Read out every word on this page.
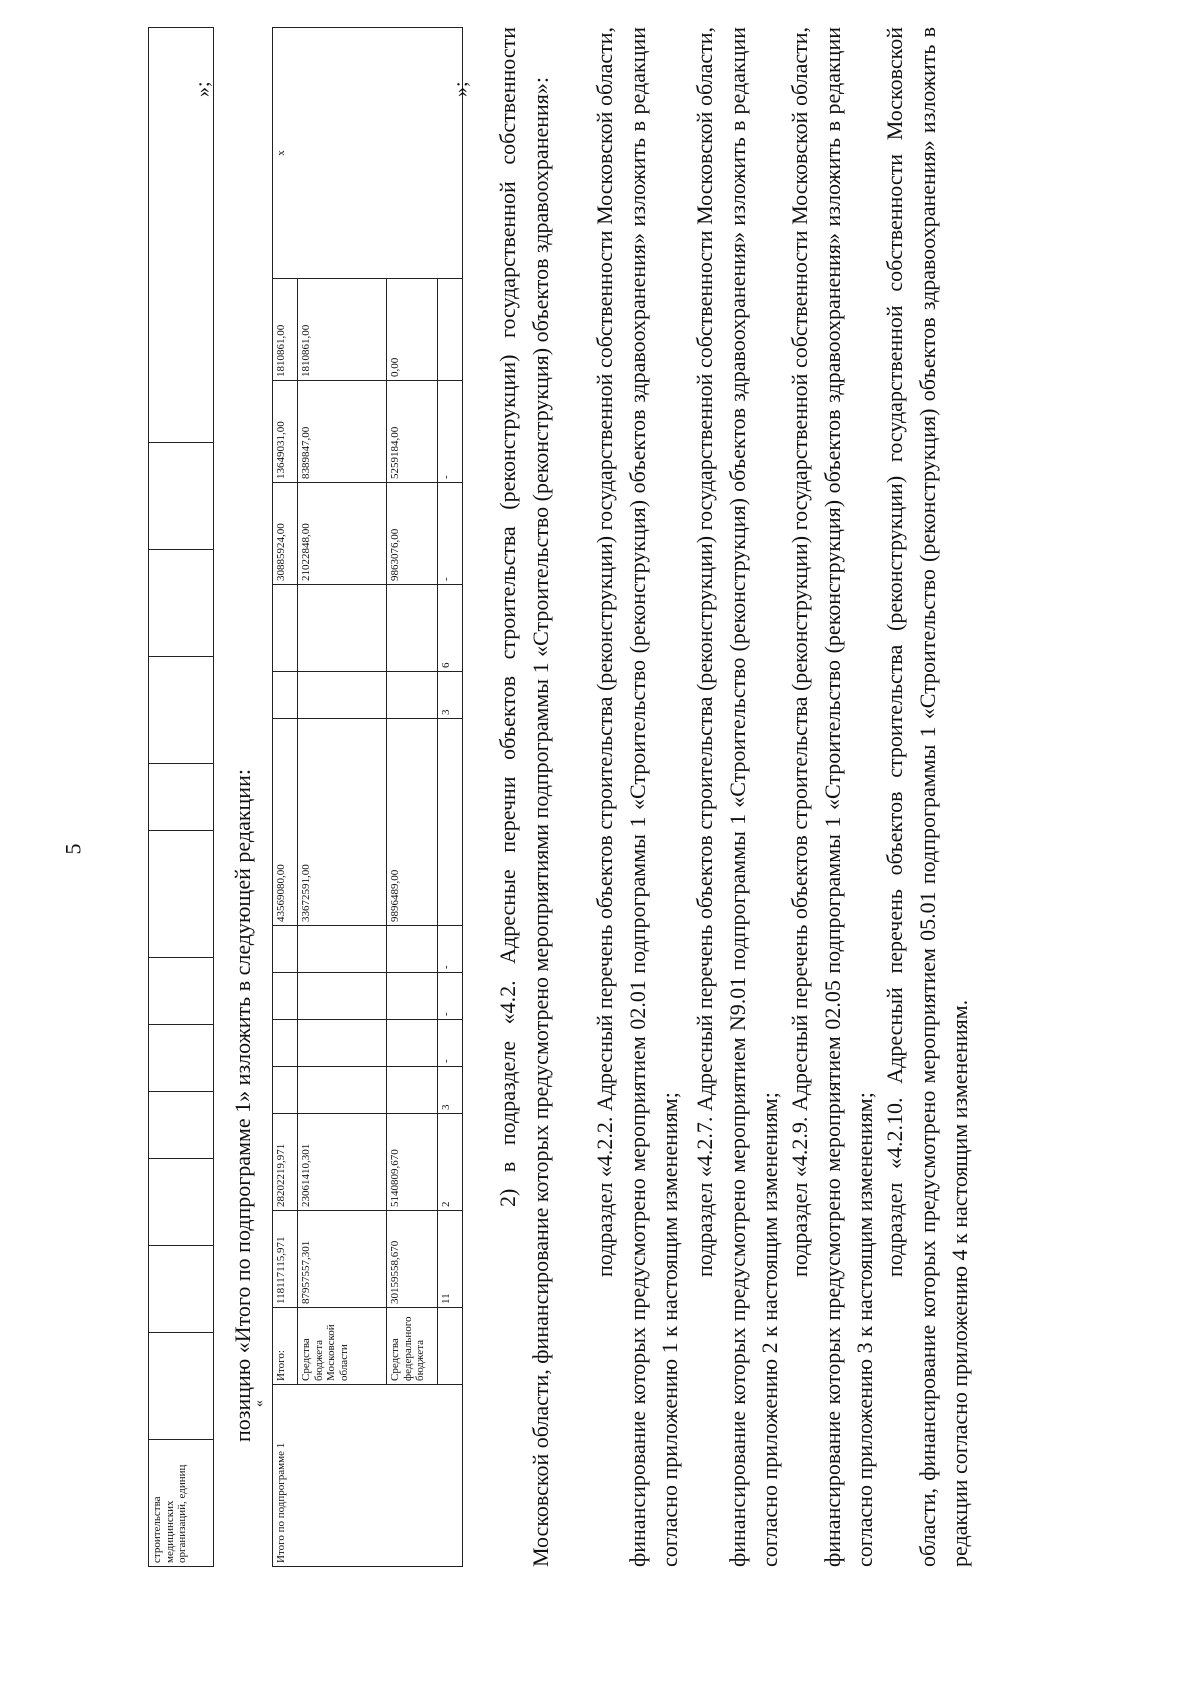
5
строительства медицинских организаций, единиц												
»;
позицию «Итого по подпрограмме 1» изложить в следующей редакции:
«
Итого по подпрограмме 1	Итого:	118117115,971	28202219,971					43569080,00			30885924,00	13649031,00	1810861,00	x
	Средства бюджета Московской области	87957557,301	23061410,301					33672591,00			21022848,00	8389847,00	1810861,00	
	Средства федерального бюджета	30159558,670	5140809,670					9896489,00			9863076,00	5259184,00	0,00	
		11	2	3	-	-	-		3	6	-	-		
»; 2) в подразделе «4.2. Адресные перечни объектов строительства (реконструкции) государственной собственности Московской области, финансирование которых предусмотрено мероприятиями подпрограммы 1 «Строительство (реконструкция) объектов здравоохранения»: подраздел «4.2.2. Адресный перечень объектов строительства (реконструкции) государственной собственности Московской области, финансирование которых предусмотрено мероприятием 02.01 подпрограммы 1 «Строительство (реконструкция) объектов здравоохранения» изложить в редакции согласно приложению 1 к настоящим изменениям;

подраздел «4.2.7. Адресный перечень объектов строительства (реконструкции) государственной собственности Московской области, финансирование которых предусмотрено мероприятием N9.01 подпрограммы 1 «Строительство (реконструкция) объектов здравоохранения» изложить в редакции согласно приложению 2 к настоящим изменениям;

подраздел «4.2.9. Адресный перечень объектов строительства (реконструкции) государственной собственности Московской области, финансирование которых предусмотрено мероприятием 02.05 подпрограммы 1 «Строительство (реконструкция) объектов здравоохранения» изложить в редакции согласно приложению 3 к настоящим изменениям;

подраздел «4.2.10. Адресный перечень объектов строительства (реконструкции) государственной собственности Московской области, финансирование которых предусмотрено мероприятием 05.01 подпрограммы 1 «Строительство (реконструкция) объектов здравоохранения» изложить в редакции согласно приложению 4 к настоящим изменениям.
